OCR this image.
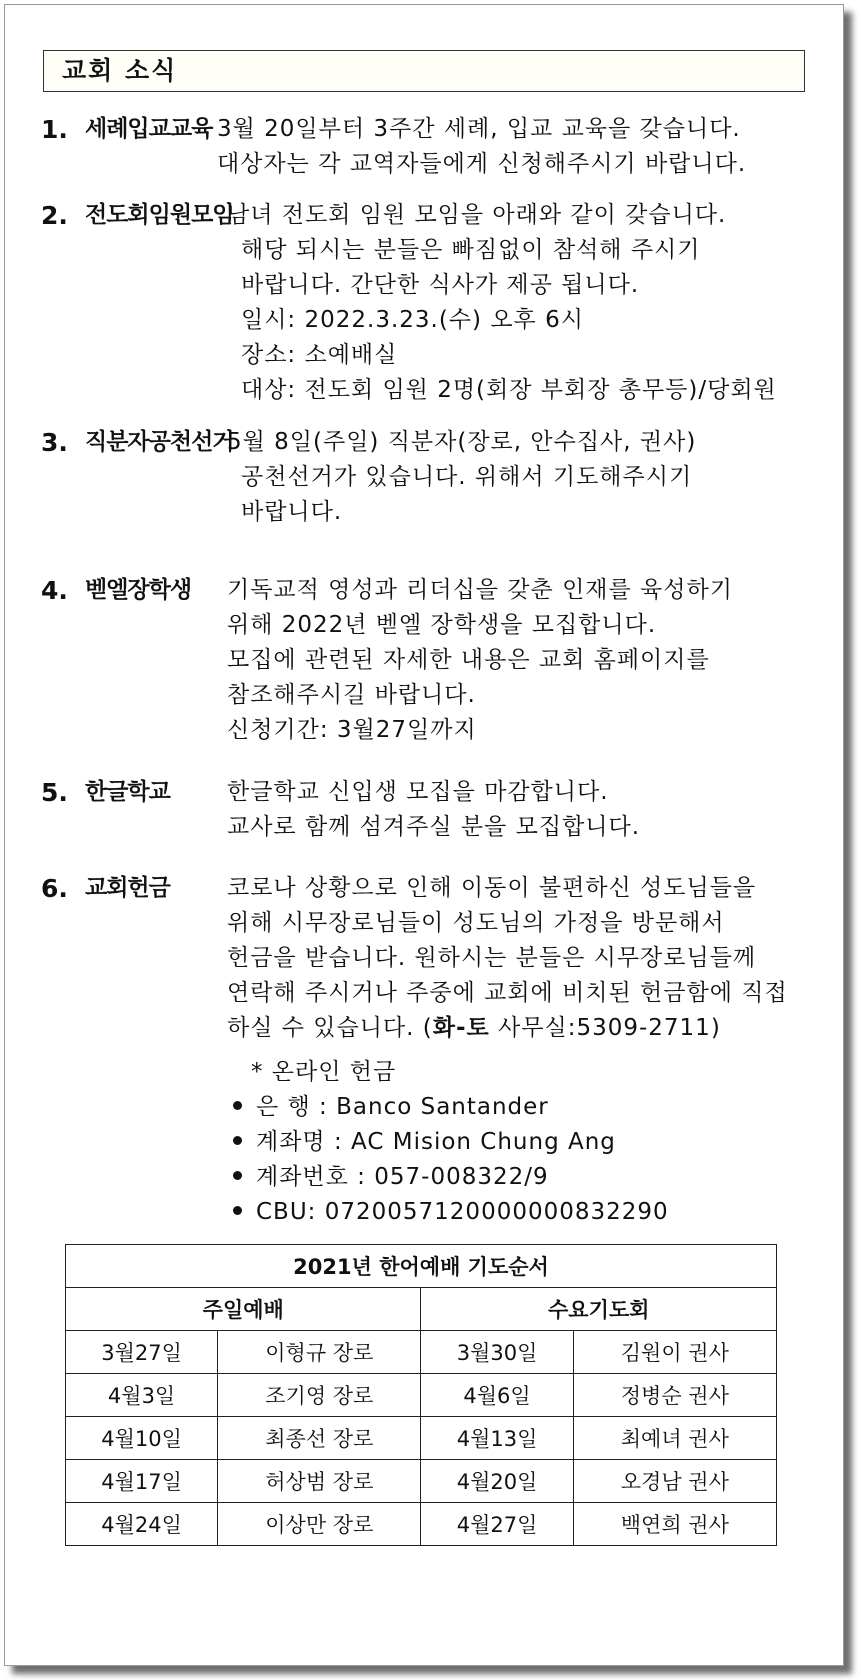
교회 소식
1. 세례입교교육 3월 20일부터 3주간 세례, 입교 교육을 갖습니다.
대상자는 각 교역자들에게 신청해주시기 바랍니다.
2. 전도회임원모임
남녀 전도회 임원 모임을 아래와 같이 갖습니다.
해당 되시는 분들은 빠짐없이 참석해 주시기
바랍니다. 간단한 식사가 제공 됩니다.
일시: 2022.3.23.(수) 오후 6시
장소: 소예배실
대상: 전도회 임원 2명(회장 부회장 총무등)/당회원
3. 직분자공천선거
5월 8일(주일) 직분자(장로, 안수집사, 권사)
공천선거가 있습니다. 위해서 기도해주시기
바랍니다.
4. 벧엘장학생 기독교적 영성과 리더십을 갖춘 인재를 육성하기
위해 2022년 벧엘 장학생을 모집합니다.
모집에 관련된 자세한 내용은 교회 홈페이지를
참조해주시길 바랍니다.
신청기간: 3월27일까지
5. 한글학교 한글학교 신입생 모집을 마감합니다.
교사로 함께 섬겨주실 분을 모집합니다.
6. 교회헌금 코로나 상황으로 인해 이동이 불편하신 성도님들을
위해 시무장로님들이 성도님의 가정을 방문해서
헌금을 받습니다. 원하시는 분들은 시무장로님들께
연락해 주시거나 주중에 교회에 비치된 헌금함에 직접
하실 수 있습니다. (화-토 사무실:5309-2711)
* 온라인 헌금
은 행 : Banco Santander
계좌명 : AC Mision Chung Ang
계좌번호 : 057-008322/9
CBU: 0720057120000000832290
2021년 한어예배 기도순서			
주일예배		수요기도회	
3월27일	이형규 장로	3월30일	김원이 권사
4월3일	조기영 장로	4월6일	정병순 권사
4월10일	최종선 장로	4월13일	최예녀 권사
4월17일	허상범 장로	4월20일	오경남 권사
4월24일	이상만 장로	4월27일	백연희 권사
